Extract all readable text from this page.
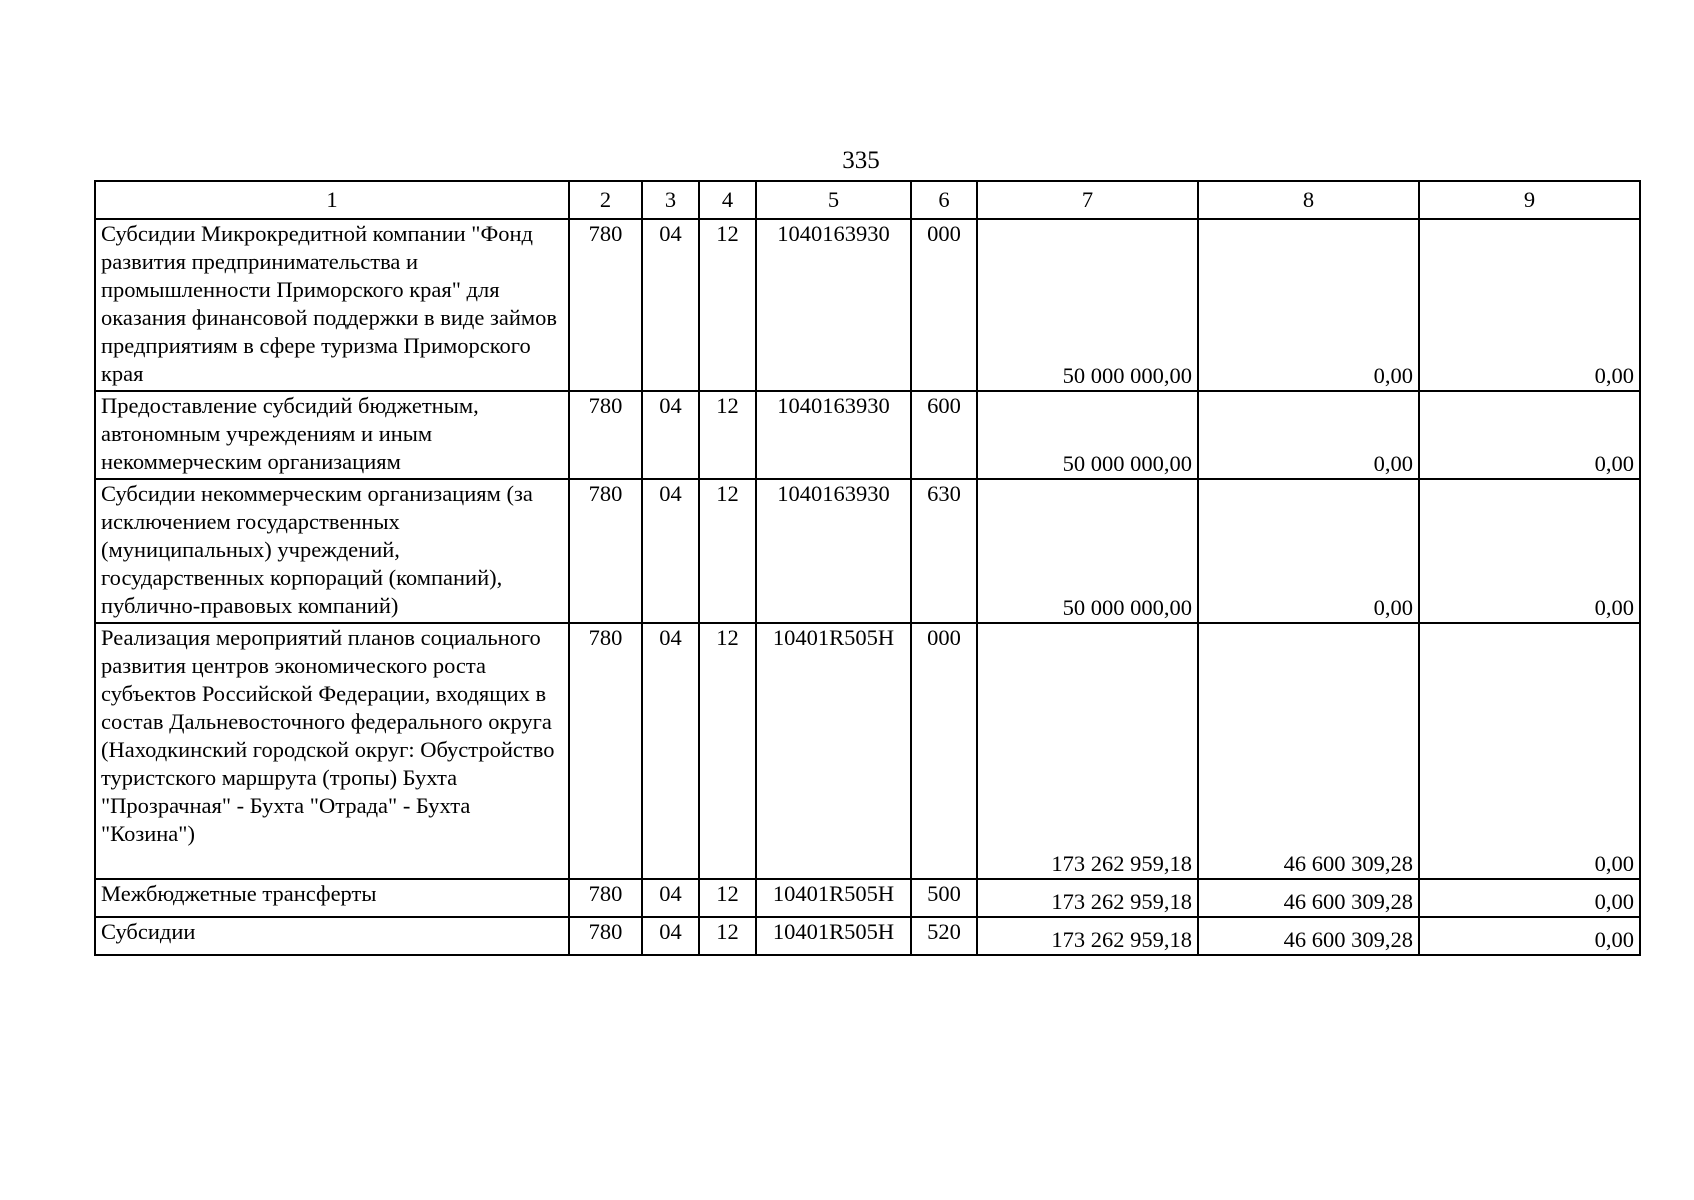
335
1	2	3	4	5	6	7	8	9
Субсидии Микрокредитной компании "Фонд развития предпринимательства и промышленности Приморского края" для оказания финансовой поддержки в виде займов предприятиям в сфере туризма Приморского края	780	04	12	1040163930	000	50 000 000,00	0,00	0,00
Предоставление субсидий бюджетным, автономным учреждениям и иным некоммерческим организациям	780	04	12	1040163930	600	50 000 000,00	0,00	0,00
Субсидии некоммерческим организациям (за исключением государственных (муниципальных) учреждений, государственных корпораций (компаний), публично-правовых компаний)	780	04	12	1040163930	630	50 000 000,00	0,00	0,00
Реализация мероприятий планов социального развития центров экономического роста субъектов Российской Федерации, входящих в состав Дальневосточного федерального округа (Находкинский городской округ: Обустройство туристского маршрута (тропы) Бухта "Прозрачная" - Бухта "Отрада" - Бухта "Козина")	780	04	12	10401R505H	000	173 262 959,18	46 600 309,28	0,00
Межбюджетные трансферты	780	04	12	10401R505H	500	173 262 959,18	46 600 309,28	0,00
Субсидии	780	04	12	10401R505H	520	173 262 959,18	46 600 309,28	0,00
